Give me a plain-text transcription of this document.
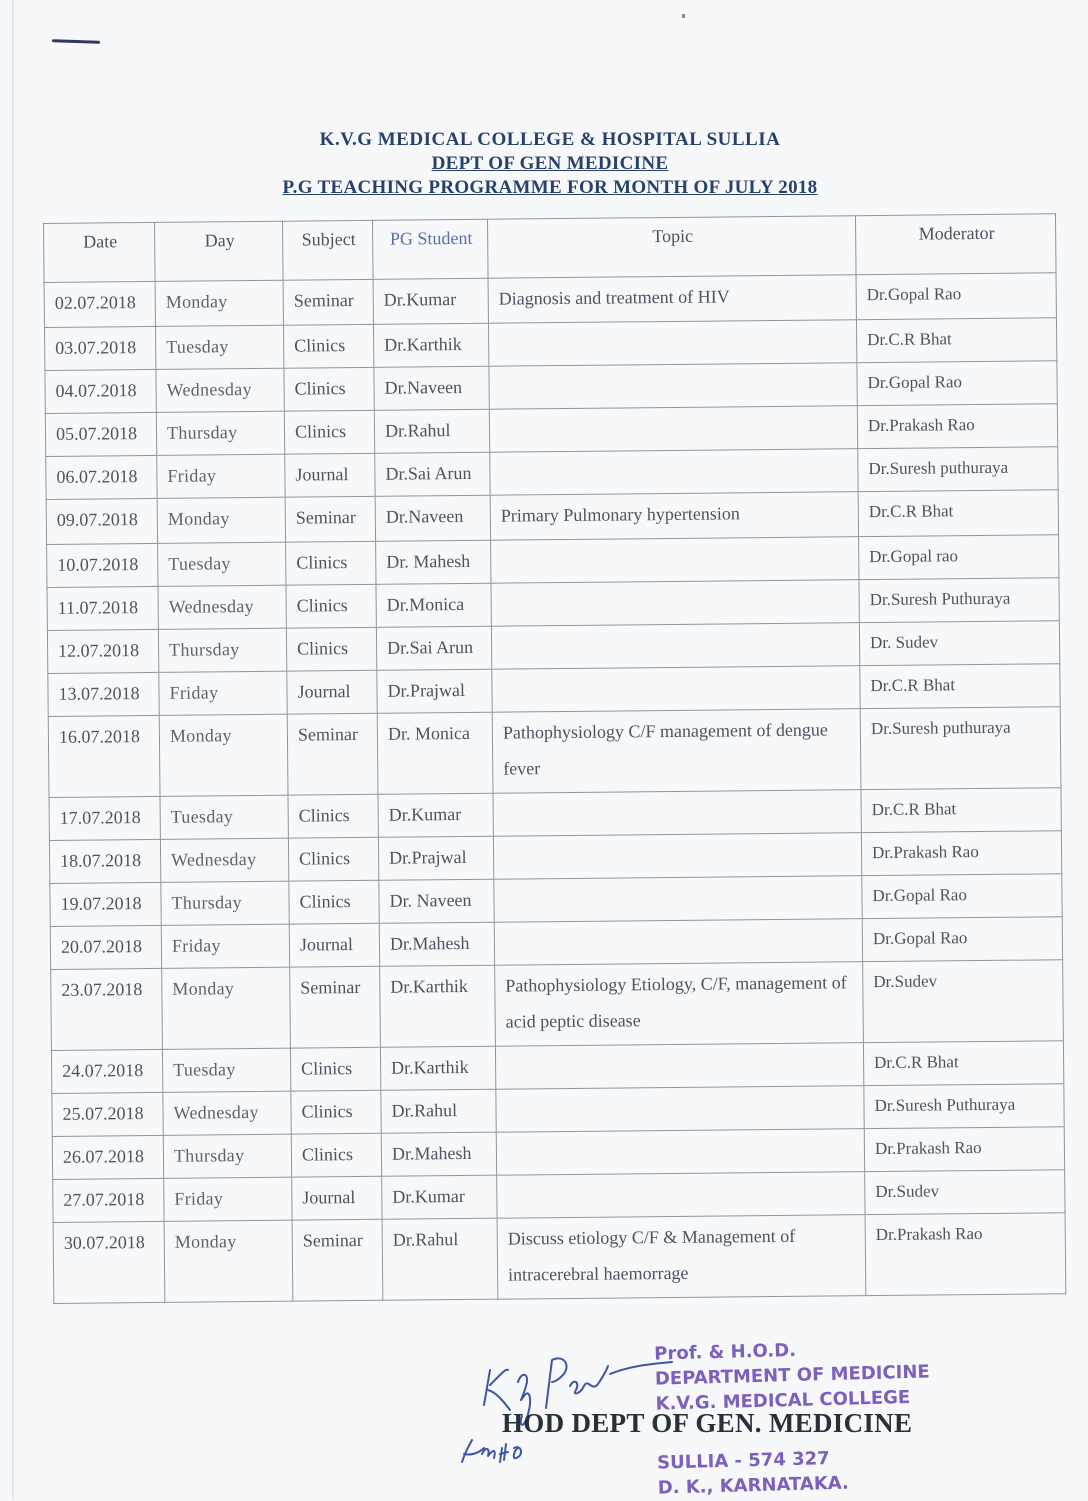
K.V.G MEDICAL COLLEGE & HOSPITAL SULLIA
DEPT OF GEN MEDICINE
P.G TEACHING PROGRAMME FOR MONTH OF JULY 2018
Date	Day	Subject	PG Student	Topic	Moderator
02.07.2018	Monday	Seminar	Dr.Kumar	Diagnosis and treatment of HIV	Dr.Gopal Rao
03.07.2018	Tuesday	Clinics	Dr.Karthik		Dr.C.R Bhat
04.07.2018	Wednesday	Clinics	Dr.Naveen		Dr.Gopal Rao
05.07.2018	Thursday	Clinics	Dr.Rahul		Dr.Prakash Rao
06.07.2018	Friday	Journal	Dr.Sai Arun		Dr.Suresh puthuraya
09.07.2018	Monday	Seminar	Dr.Naveen	Primary Pulmonary hypertension	Dr.C.R Bhat
10.07.2018	Tuesday	Clinics	Dr. Mahesh		Dr.Gopal rao
11.07.2018	Wednesday	Clinics	Dr.Monica		Dr.Suresh Puthuraya
12.07.2018	Thursday	Clinics	Dr.Sai Arun		Dr. Sudev
13.07.2018	Friday	Journal	Dr.Prajwal		Dr.C.R Bhat
16.07.2018	Monday	Seminar	Dr. Monica	Pathophysiology C/F management of dengue fever	Dr.Suresh puthuraya
17.07.2018	Tuesday	Clinics	Dr.Kumar		Dr.C.R Bhat
18.07.2018	Wednesday	Clinics	Dr.Prajwal		Dr.Prakash Rao
19.07.2018	Thursday	Clinics	Dr. Naveen		Dr.Gopal Rao
20.07.2018	Friday	Journal	Dr.Mahesh		Dr.Gopal Rao
23.07.2018	Monday	Seminar	Dr.Karthik	Pathophysiology Etiology, C/F, management of acid peptic disease	Dr.Sudev
24.07.2018	Tuesday	Clinics	Dr.Karthik		Dr.C.R Bhat
25.07.2018	Wednesday	Clinics	Dr.Rahul		Dr.Suresh Puthuraya
26.07.2018	Thursday	Clinics	Dr.Mahesh		Dr.Prakash Rao
27.07.2018	Friday	Journal	Dr.Kumar		Dr.Sudev
30.07.2018	Monday	Seminar	Dr.Rahul	Discuss etiology C/F & Management of intracerebral haemorrage	Dr.Prakash Rao
HOD DEPT OF GEN. MEDICINE
Prof. & H.O.D.
DEPARTMENT OF MEDICINE
K.V.G. MEDICAL COLLEGE
SULLIA - 574 327
D. K., KARNATAKA.
